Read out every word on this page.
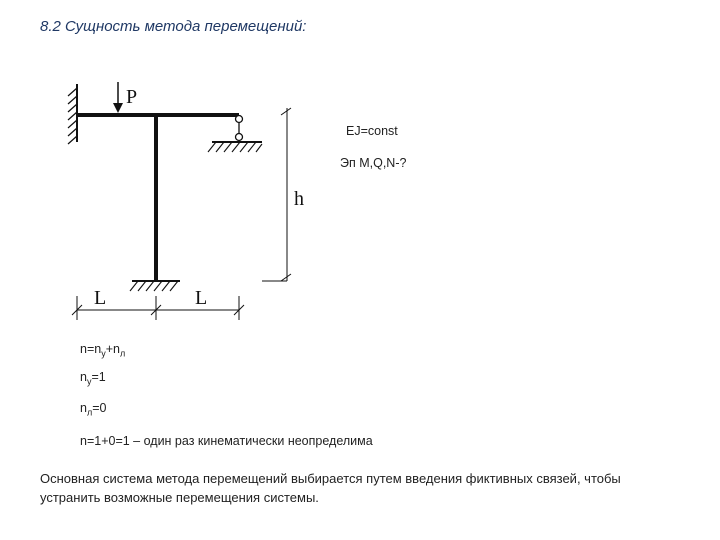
8.2 Сущность метода перемещений:
P
h
L	L
EJ=const
Эп M,Q,N-?
$n=n_y+n_л$
$n_y=1$
$n_л=0$
n=1+0=1 – один раз кинематически неопределима
Основная система метода перемещений выбирается путем введения фиктивных связей, чтобы устранить возможные перемещения системы.
